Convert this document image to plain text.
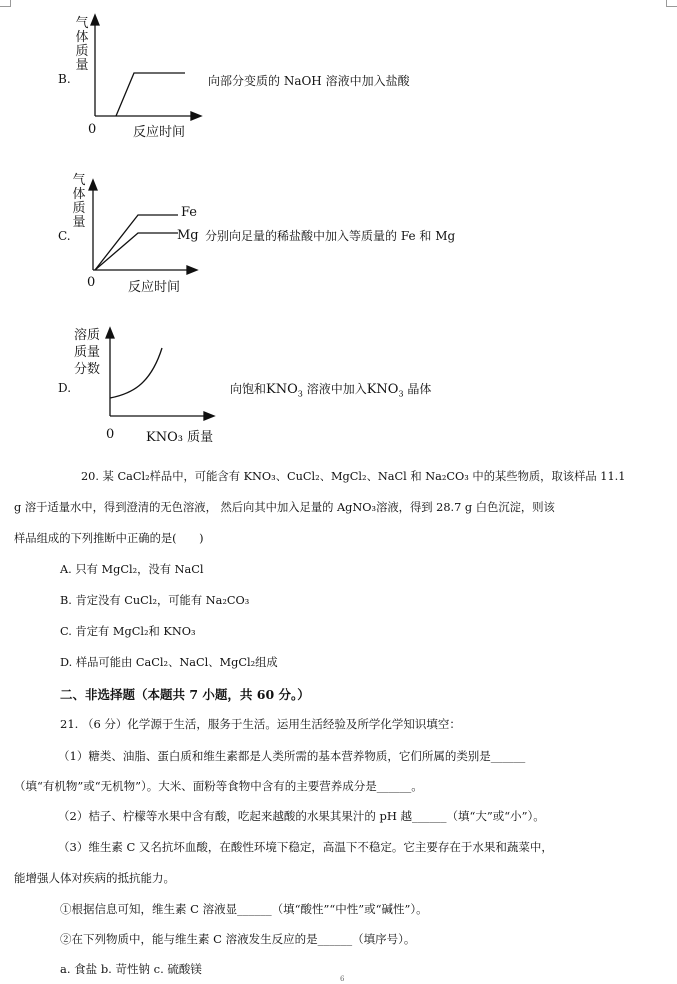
B.
气
体
质
量
0	反应时间
向部分变质的 NaOH 溶液中加入盐酸
C.
气
体
质
量
Fe
Mg
0	反应时间
分别向足量的稀盐酸中加入等质量的 Fe 和 Mg
D.
溶质
质量
分数
0 KNO₃ 质量
向饱和$KNO_3$ 溶液中加入$KNO_3$ 晶体
20. 某 CaCl₂样品中，可能含有 KNO₃、CuCl₂、MgCl₂、NaCl 和 Na₂CO₃ 中的某些物质，取该样品 11.1
g 溶于适量水中，得到澄清的无色溶液， 然后向其中加入足量的 AgNO₃溶液，得到 28.7 g 白色沉淀，则该
样品组成的下列推断中正确的是(　　)
A. 只有 MgCl₂，没有 NaCl
B. 肯定没有 CuCl₂，可能有 Na₂CO₃
C. 肯定有 MgCl₂和 KNO₃
D. 样品可能由 CaCl₂、NaCl、MgCl₂组成
二、非选择题（本题共 7 小题，共 60 分。）
21. （6 分）化学源于生活，服务于生活。运用生活经验及所学化学知识填空：
（1）糖类、油脂、蛋白质和维生素都是人类所需的基本营养物质，它们所属的类别是______
（填“有机物”或“无机物”）。大米、面粉等食物中含有的主要营养成分是______。
（2）桔子、柠檬等水果中含有酸，吃起来越酸的水果其果汁的 pH 越______（填“大”或“小”）。
（3）维生素 C 又名抗坏血酸，在酸性环境下稳定，高温下不稳定。它主要存在于水果和蔬菜中，
能增强人体对疾病的抵抗能力。
①根据信息可知，维生素 C 溶液显______（填“酸性”“中性”或“碱性”）。
②在下列物质中，能与维生素 C 溶液发生反应的是______（填序号）。
a. 食盐 b. 苛性钠 c. 硫酸镁
6
